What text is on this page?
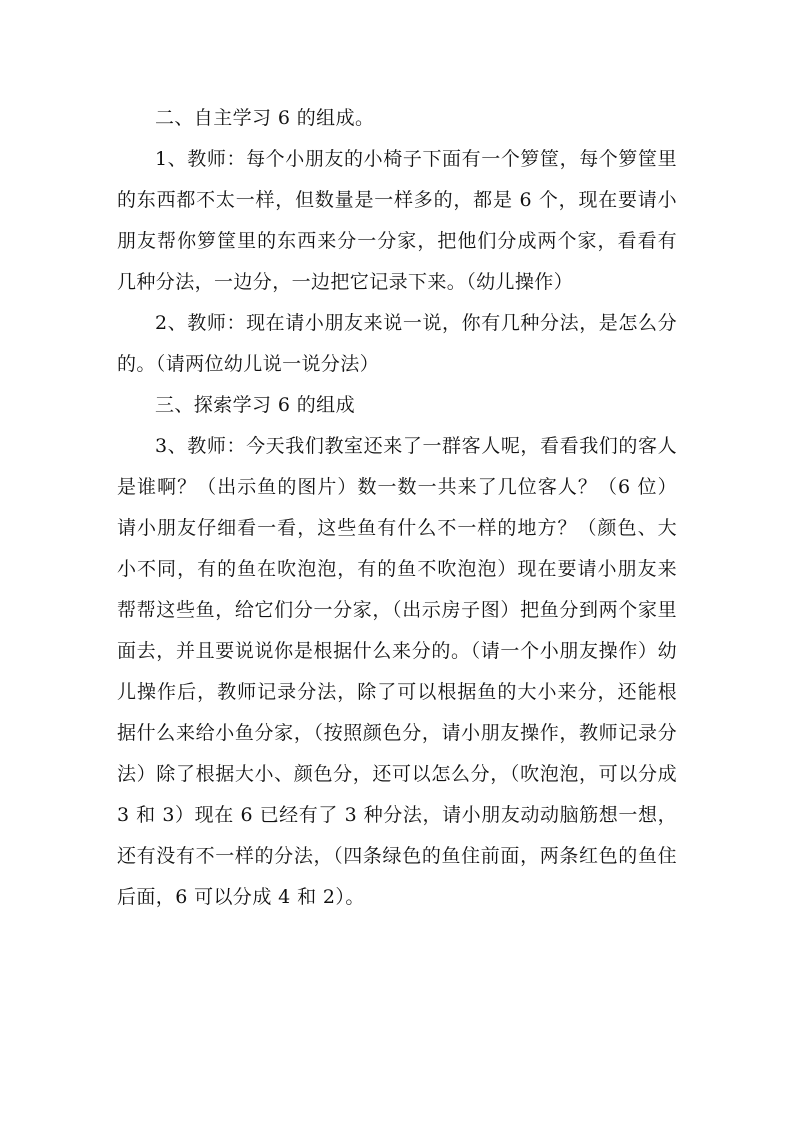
二、自主学习 6 的组成。

1、教师：每个小朋友的小椅子下面有一个箩筐，每个箩筐里的东西都不太一样，但数量是一样多的，都是 6 个，现在要请小朋友帮你箩筐里的东西来分一分家，把他们分成两个家，看看有几种分法，一边分，一边把它记录下来。（幼儿操作）

2、教师：现在请小朋友来说一说，你有几种分法，是怎么分的。（请两位幼儿说一说分法）

三、探索学习 6 的组成

3、教师：今天我们教室还来了一群客人呢，看看我们的客人是谁啊？（出示鱼的图片）数一数一共来了几位客人？（6 位）请小朋友仔细看一看，这些鱼有什么不一样的地方？（颜色、大小不同，有的鱼在吹泡泡，有的鱼不吹泡泡）现在要请小朋友来帮帮这些鱼，给它们分一分家，（出示房子图）把鱼分到两个家里面去，并且要说说你是根据什么来分的。（请一个小朋友操作）幼儿操作后，教师记录分法，除了可以根据鱼的大小来分，还能根据什么来给小鱼分家，（按照颜色分，请小朋友操作，教师记录分法）除了根据大小、颜色分，还可以怎么分，（吹泡泡，可以分成 3 和 3）现在 6 已经有了 3 种分法，请小朋友动动脑筋想一想，还有没有不一样的分法，（四条绿色的鱼住前面，两条红色的鱼住后面，6 可以分成 4 和 2）。
